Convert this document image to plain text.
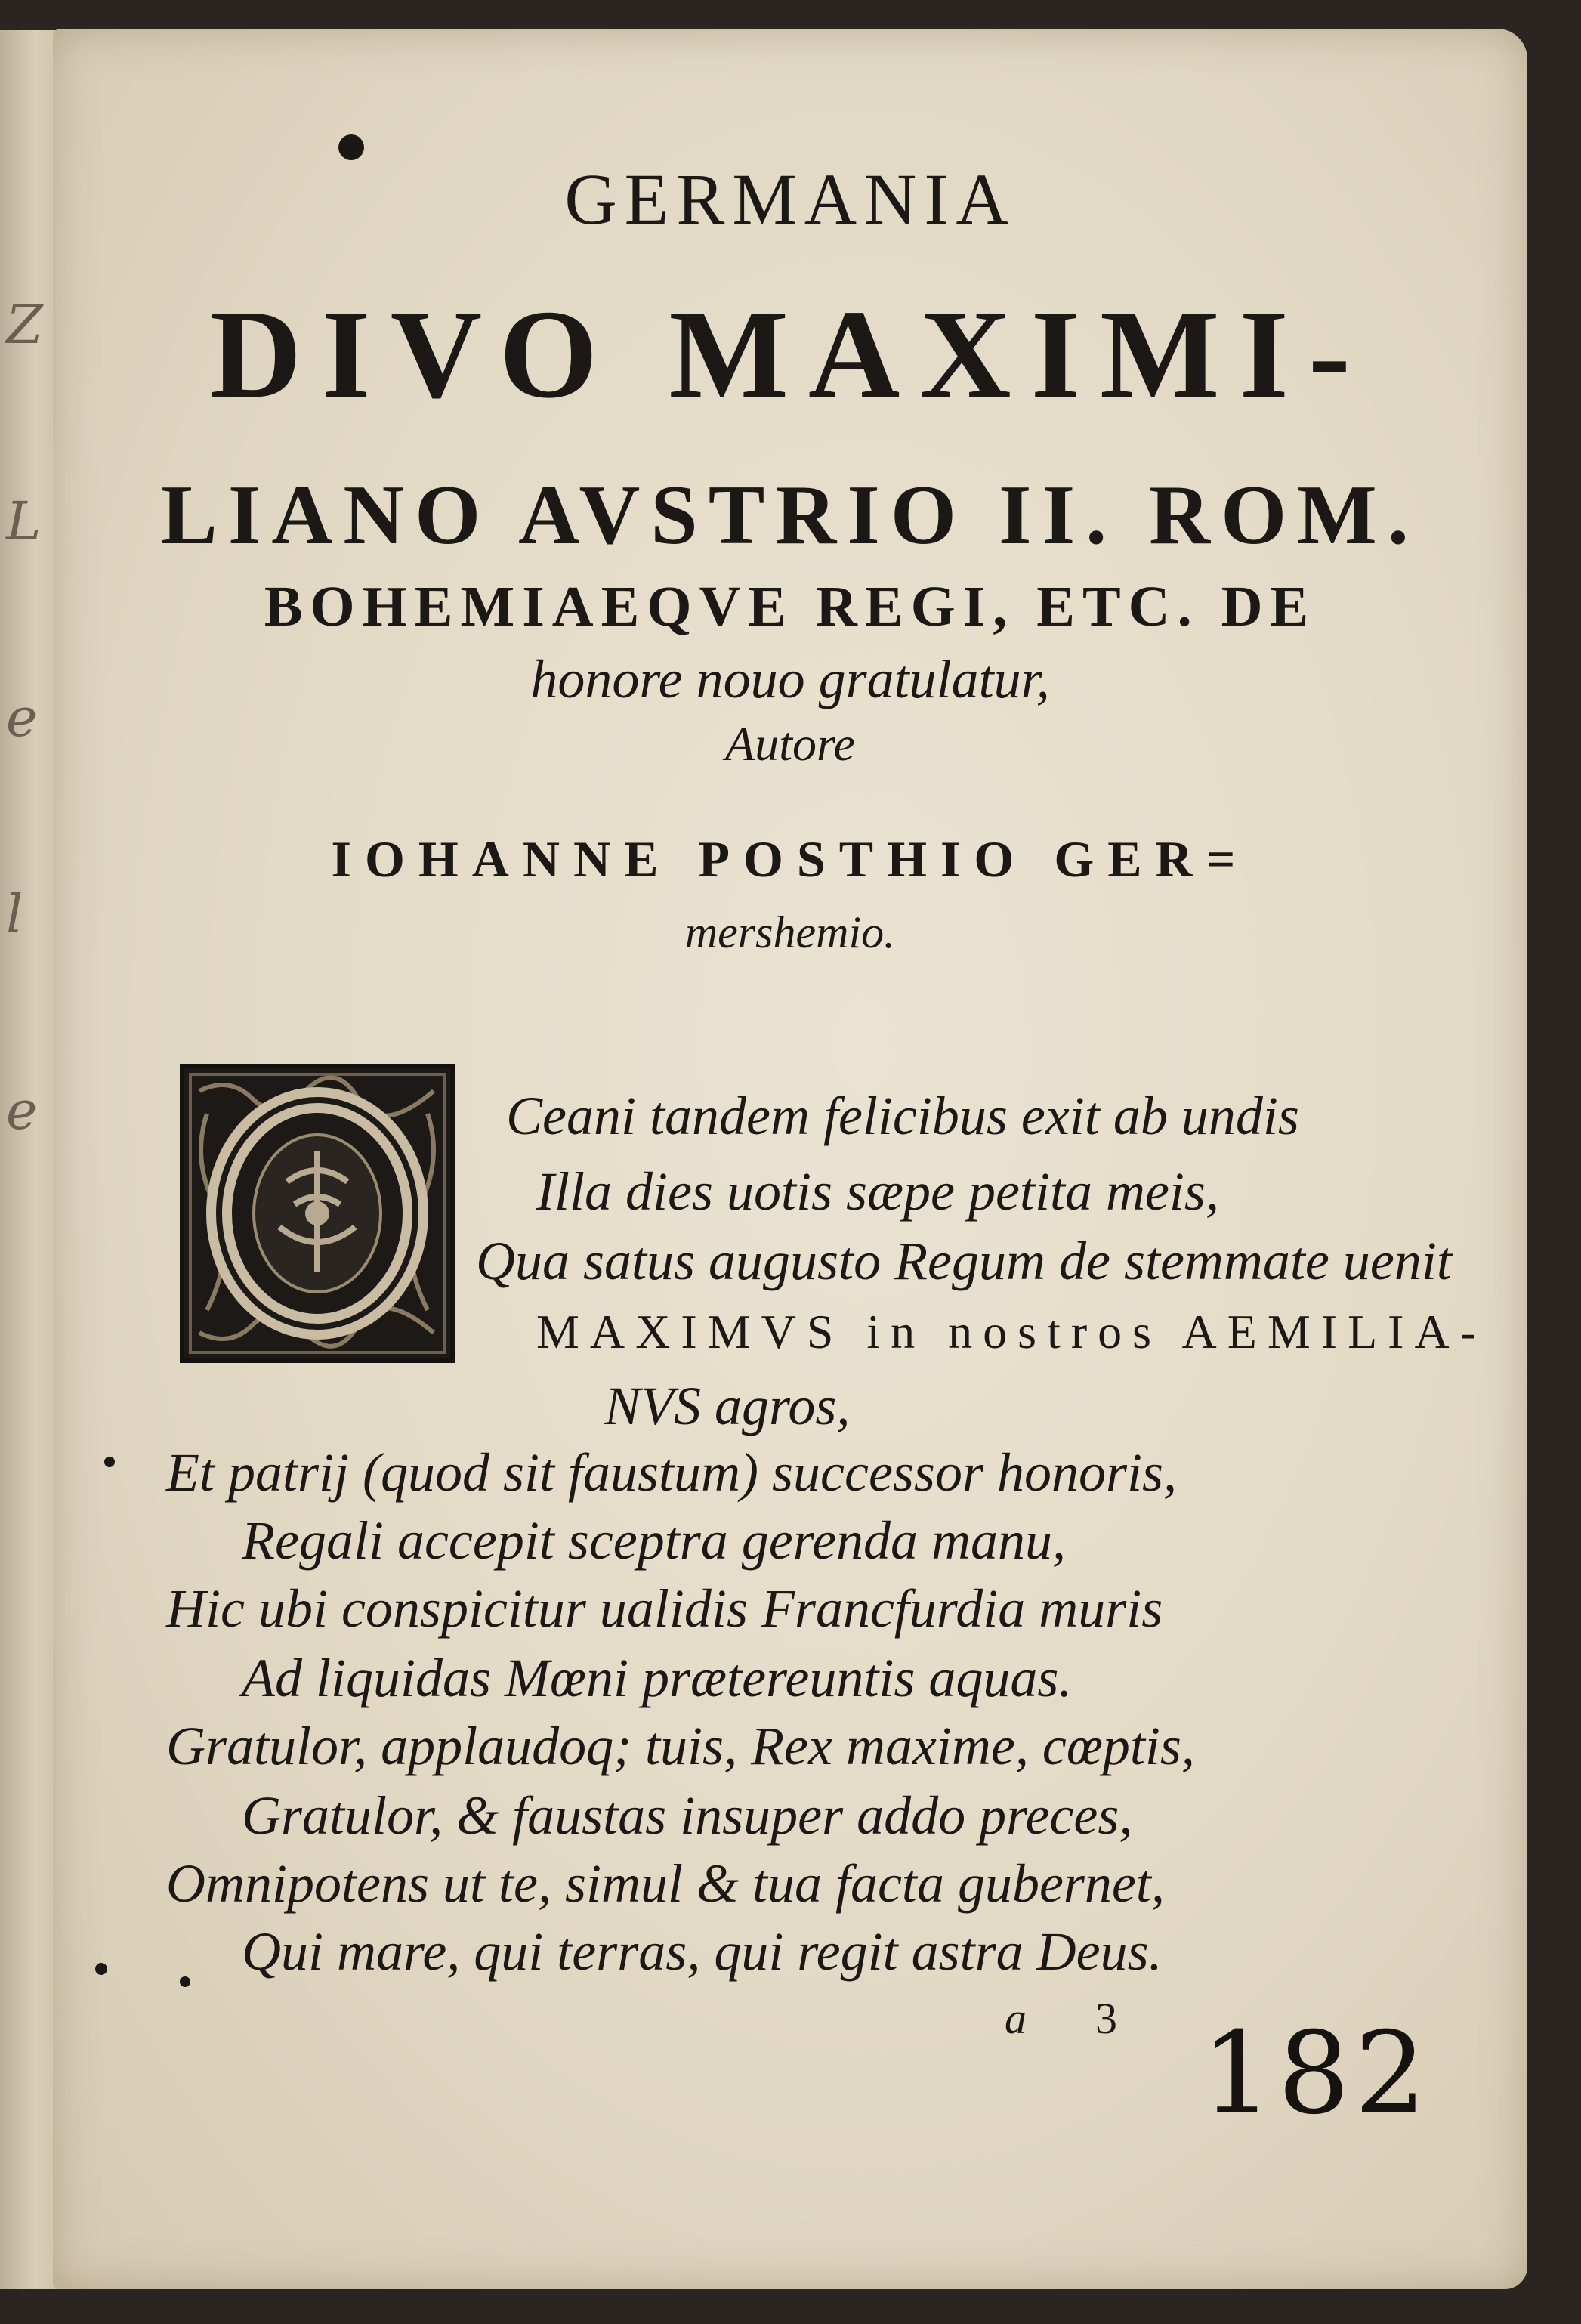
Z L e l e
GERMANIA
DIVO MAXIMI-
LIANO AVSTRIO II. ROM.
BOHEMIAEQVE REGI, ETC. DE
honore nouo gratulatur,
Autore
IOHANNE POSTHIO GER=
mershemio.
Ceani tandem felicibus exit ab undis
Illa dies uotis sæpe petita meis,
Qua satus augusto Regum de stemmate uenit
MAXIMVS in nostros AEMILIA-
NVS agros,
Et patrij (quod sit faustum) successor honoris,
Regali accepit sceptra gerenda manu,
Hic ubi conspicitur ualidis Francfurdia muris
Ad liquidas Mœni prætereuntis aquas.
Gratulor, applaudoq; tuis, Rex maxime, cœptis,
Gratulor, & faustas insuper addo preces,
Omnipotens ut te, simul & tua facta gubernet,
Qui mare, qui terras, qui regit astra Deus.
a 3 182
